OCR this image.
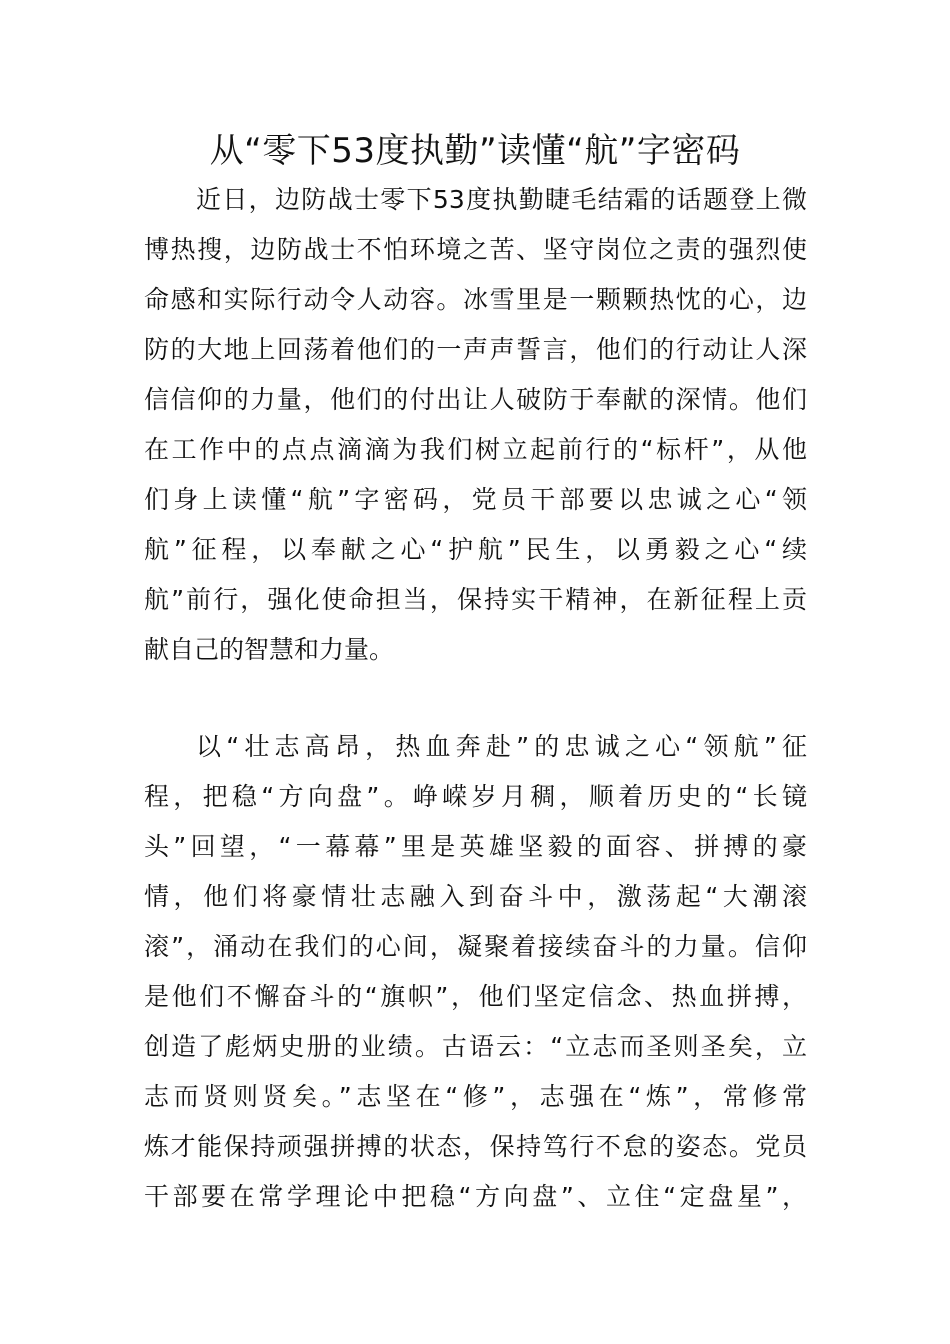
从“零下53度执勤”读懂“航”字密码
近日，边防战士零下53度执勤睫毛结霜的话题登上微
博热搜，边防战士不怕环境之苦、坚守岗位之责的强烈使
命感和实际行动令人动容。冰雪里是一颗颗热忱的心，边
防的大地上回荡着他们的一声声誓言，他们的行动让人深
信信仰的力量，他们的付出让人破防于奉献的深情。他们
在工作中的点点滴滴为我们树立起前行的“标杆”，从他
们身上读懂“航”字密码，党员干部要以忠诚之心“领
航”征程，以奉献之心“护航”民生，以勇毅之心“续
航”前行，强化使命担当，保持实干精神，在新征程上贡
献自己的智慧和力量。
以“壮志高昂，热血奔赴”的忠诚之心“领航”征
程，把稳“方向盘”。峥嵘岁月稠，顺着历史的“长镜
头”回望，“一幕幕”里是英雄坚毅的面容、拼搏的豪
情，他们将豪情壮志融入到奋斗中，激荡起“大潮滚
滚”，涌动在我们的心间，凝聚着接续奋斗的力量。信仰
是他们不懈奋斗的“旗帜”，他们坚定信念、热血拼搏，
创造了彪炳史册的业绩。古语云：“立志而圣则圣矣，立
志而贤则贤矣。”志坚在“修”，志强在“炼”，常修常
炼才能保持顽强拼搏的状态，保持笃行不怠的姿态。党员
干部要在常学理论中把稳“方向盘”、立住“定盘星”，
